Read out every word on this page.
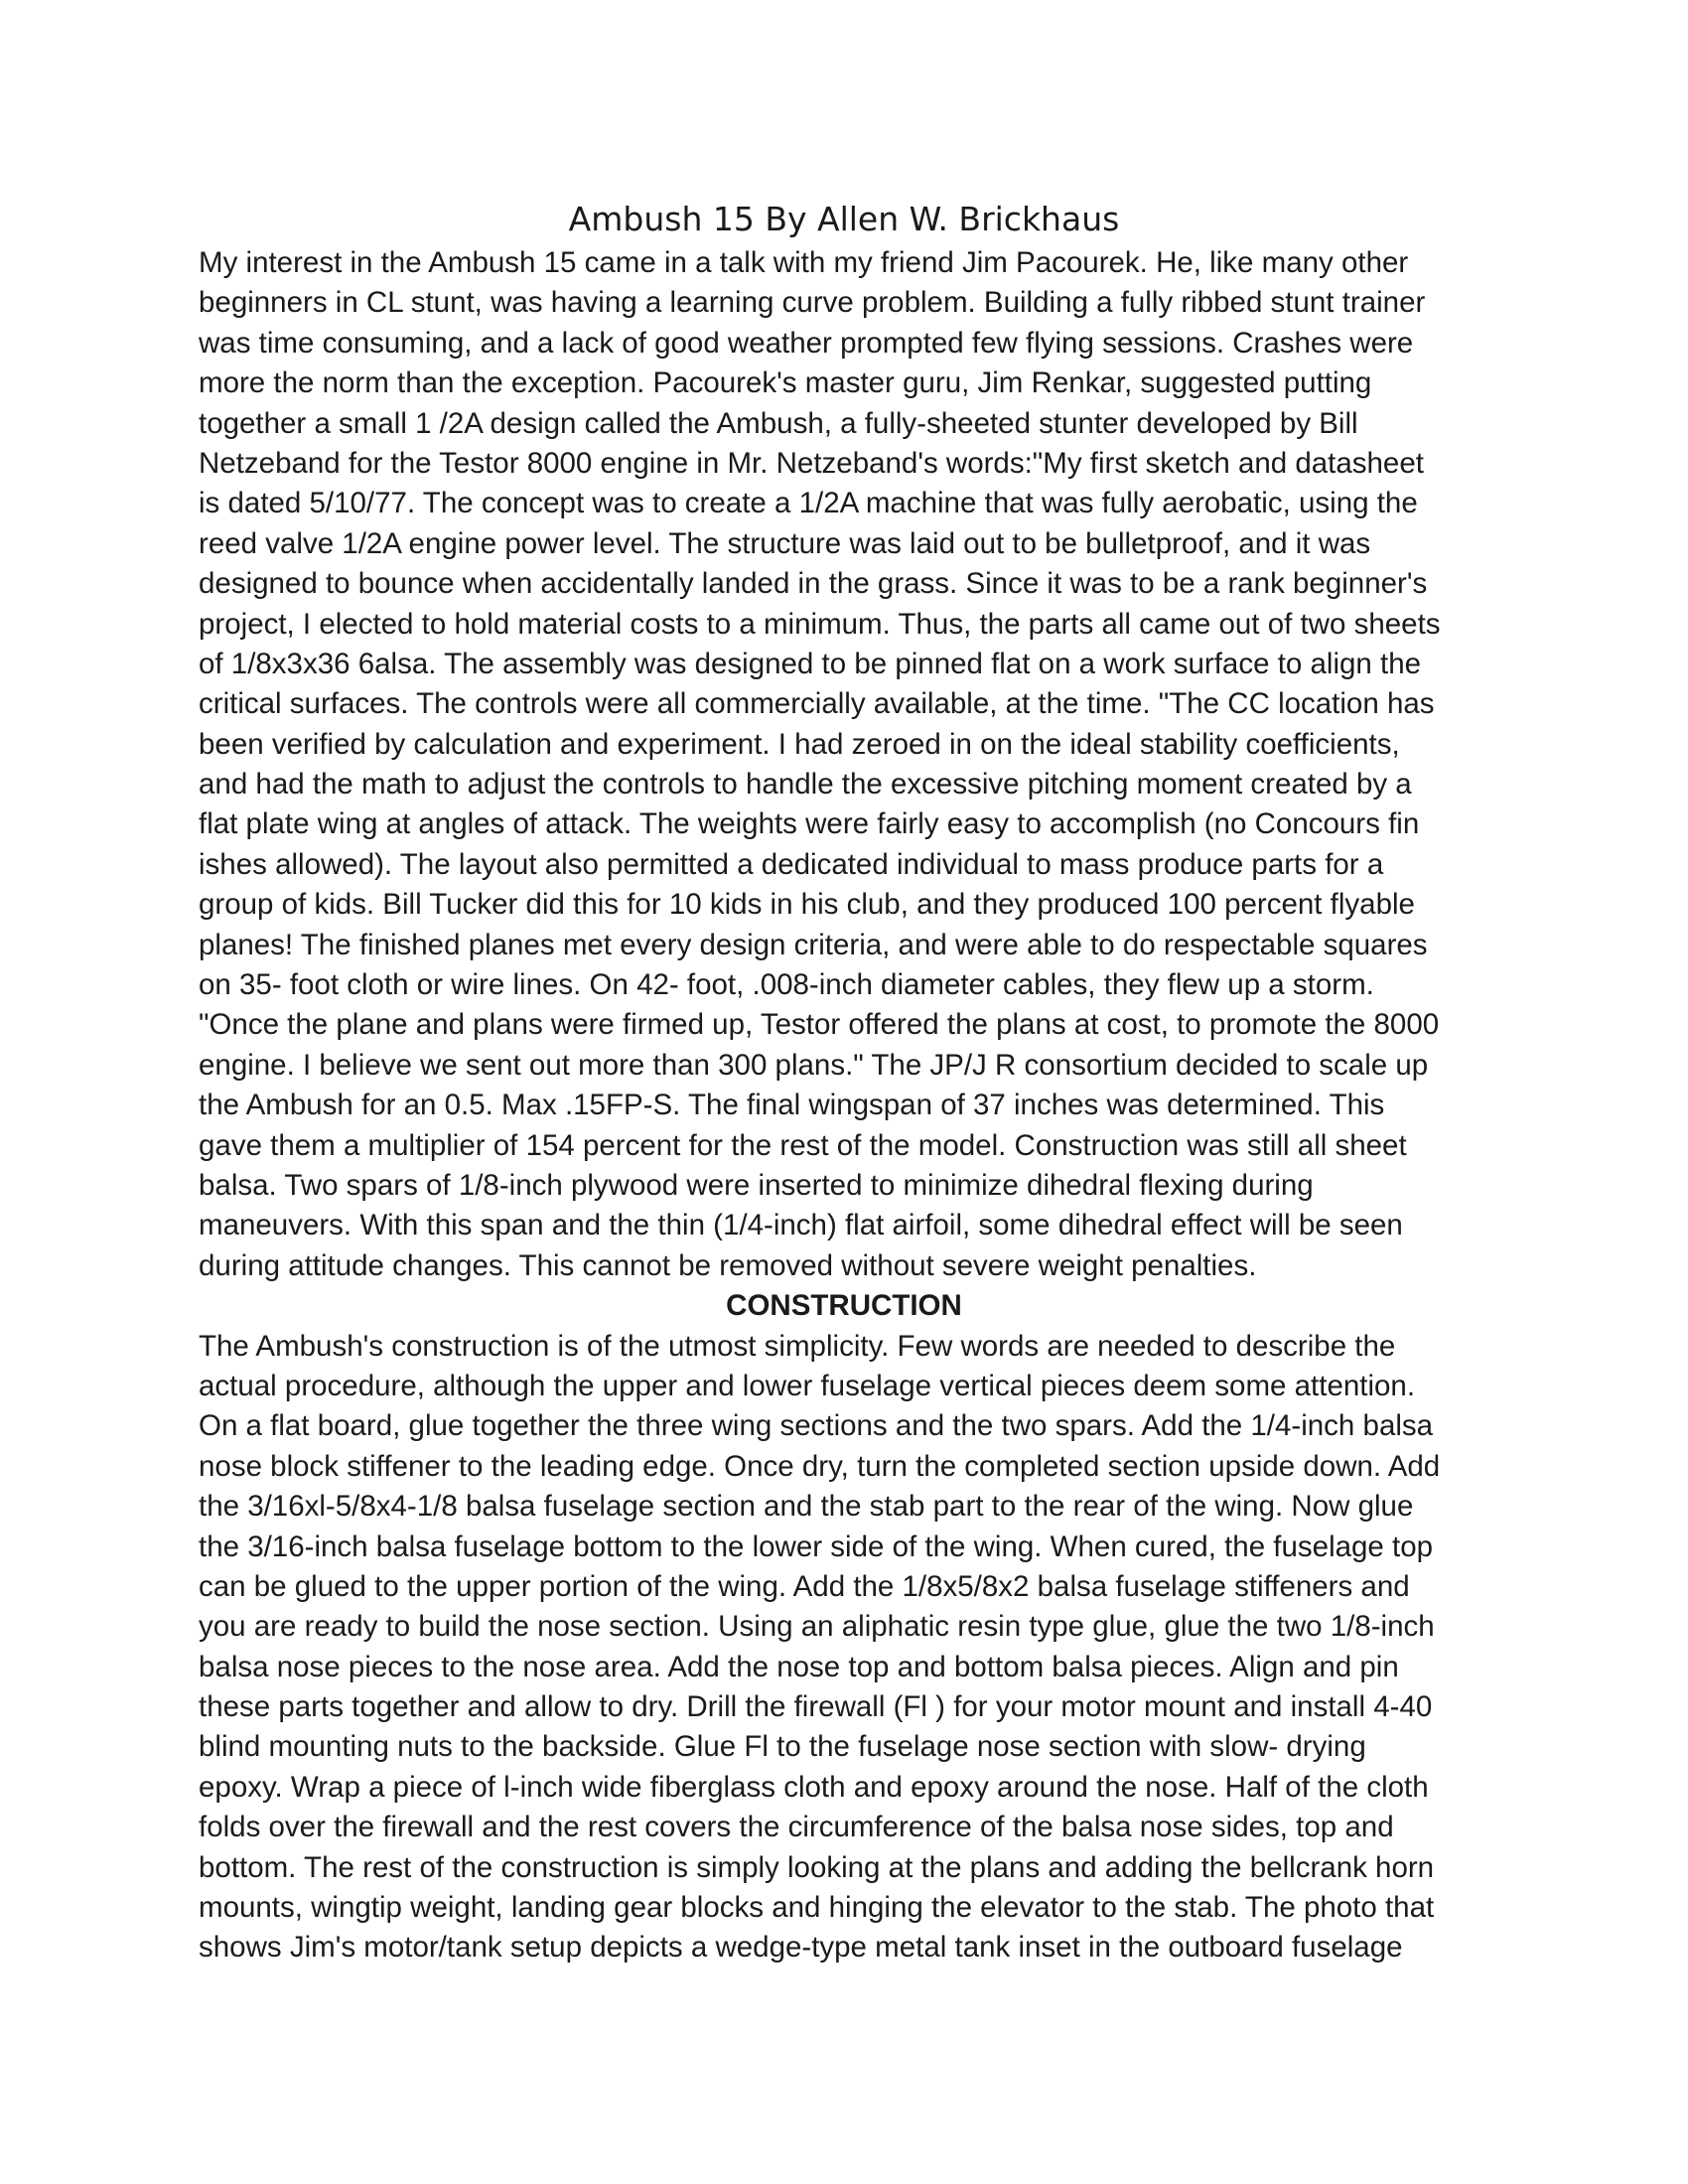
Ambush 15 By Allen W. Brickhaus

My interest in the Ambush 15 came in a talk with my friend Jim Pacourek. He, like many other

beginners in CL stunt, was having a learning curve problem. Building a fully ribbed stunt trainer

was time consuming, and a lack of good weather prompted few flying sessions. Crashes were

more the norm than the exception. Pacourek's master guru, Jim Renkar, suggested putting

together a small 1 /2A design called the Ambush, a fully-sheeted stunter developed by Bill

Netzeband for the Testor 8000 engine in Mr. Netzeband's words:"My first sketch and datasheet

is dated 5/10/77. The concept was to create a 1/2A machine that was fully aerobatic, using the

reed valve 1/2A engine power level. The structure was laid out to be bulletproof, and it was

designed to bounce when accidentally landed in the grass. Since it was to be a rank beginner's

project, I elected to hold material costs to a minimum. Thus, the parts all came out of two sheets

of 1/8x3x36 6alsa. The assembly was designed to be pinned flat on a work surface to align the

critical surfaces. The controls were all commercially available, at the time. "The CC location has

been verified by calculation and experiment. I had zeroed in on the ideal stability coefficients,

and had the math to adjust the controls to handle the excessive pitching moment created by a

flat plate wing at angles of attack. The weights were fairly easy to accomplish (no Concours fin

ishes allowed). The layout also permitted a dedicated individual to mass produce parts for a

group of kids. Bill Tucker did this for 10 kids in his club, and they produced 100 percent flyable

planes! The finished planes met every design criteria, and were able to do respectable squares

on 35- foot cloth or wire lines. On 42- foot, .008-inch diameter cables, they flew up a storm.

"Once the plane and plans were firmed up, Testor offered the plans at cost, to promote the 8000

engine. I believe we sent out more than 300 plans." The JP/J R consortium decided to scale up

the Ambush for an 0.5. Max .15FP-S. The final wingspan of 37 inches was determined. This

gave them a multiplier of 154 percent for the rest of the model. Construction was still all sheet

balsa. Two spars of 1/8-inch plywood were inserted to minimize dihedral flexing during

maneuvers. With this span and the thin (1/4-inch) flat airfoil, some dihedral effect will be seen

during attitude changes. This cannot be removed without severe weight penalties.

CONSTRUCTION

The Ambush's construction is of the utmost simplicity. Few words are needed to describe the

actual procedure, although the upper and lower fuselage vertical pieces deem some attention.

On a flat board, glue together the three wing sections and the two spars. Add the 1/4-inch balsa

nose block stiffener to the leading edge. Once dry, turn the completed section upside down. Add

the 3/16xl-5/8x4-1/8 balsa fuselage section and the stab part to the rear of the wing. Now glue

the 3/16-inch balsa fuselage bottom to the lower side of the wing. When cured, the fuselage top

can be glued to the upper portion of the wing. Add the 1/8x5/8x2 balsa fuselage stiffeners and

you are ready to build the nose section. Using an aliphatic resin type glue, glue the two 1/8-inch

balsa nose pieces to the nose area. Add the nose top and bottom balsa pieces. Align and pin

these parts together and allow to dry. Drill the firewall (Fl ) for your motor mount and install 4-40

blind mounting nuts to the backside. Glue Fl to the fuselage nose section with slow- drying

epoxy. Wrap a piece of l-inch wide fiberglass cloth and epoxy around the nose. Half of the cloth

folds over the firewall and the rest covers the circumference of the balsa nose sides, top and

bottom. The rest of the construction is simply looking at the plans and adding the bellcrank horn

mounts, wingtip weight, landing gear blocks and hinging the elevator to the stab. The photo that

shows Jim's motor/tank setup depicts a wedge-type metal tank inset in the outboard fuselage
